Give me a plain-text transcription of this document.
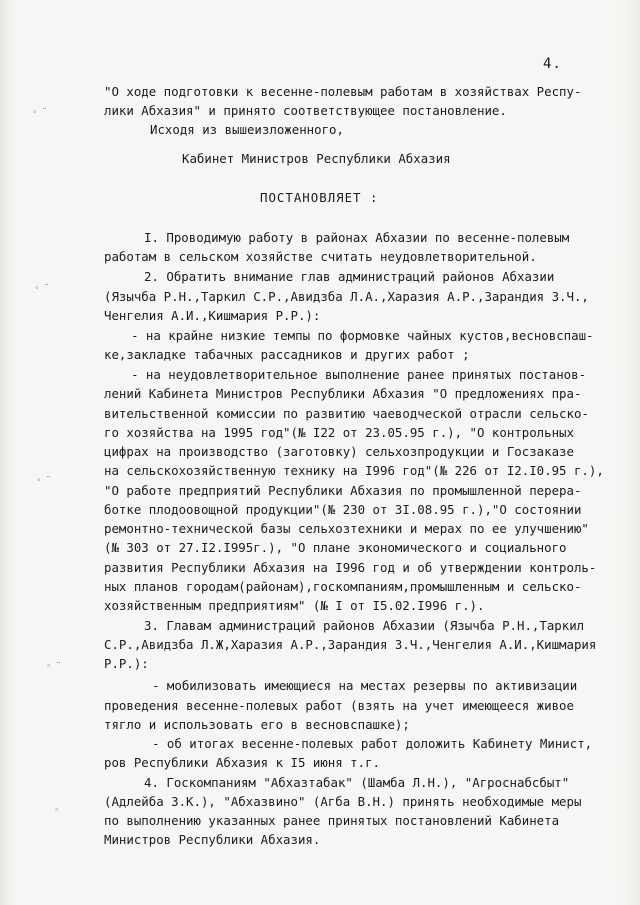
4.

"О ходе подготовки к весенне-полевым работам в хозяйствах Респу-

лики Абхазия" и принято соответствующее постановление.

Исходя из вышеизложенного,

Кабинет Министров Республики Абхазия

ПОСТАНОВЛЯЕТ :

I. Проводимую работу в районах Абхазии по весенне-полевым

работам в сельском хозяйстве считать неудовлетворительной.

2. Обратить внимание глав администраций районов Абхазии

(Язычба Р.Н.,Таркил С.Р.,Авидзба Л.А.,Харазия А.Р.,Зарандия З.Ч.,

Ченгелия А.И.,Кишмария Р.Р.):

- на крайне низкие темпы по формовке чайных кустов,весновспаш-

ке,закладке табачных рассадников и других работ ;

- на неудовлетворительное выполнение ранее принятых постанов-

лений Кабинета Министров Республики Абхазия "О предложениях пра-

вительственной комиссии по развитию чаеводческой отрасли сельско-

го хозяйства на 1995 год"(№ I22 от 23.05.95 г.), "О контрольных

цифрах на производство (заготовку) сельхозпродукции и Госзаказе

на сельскохозяйственную технику на I996 год"(№ 226 от I2.I0.95 г.),

"О работе предприятий Республики Абхазия по промышленной перера-

ботке плодоовощной продукции"(№ 230 от 3I.08.95 г.),"О состоянии

ремонтно-технической базы сельхозтехники и мерах по ее улучшению"

(№ 303 от 27.I2.I995г.), "О плане экономического и социального

развития Республики Абхазия на I996 год и об утверждении контроль-

ных планов городам(районам),госкомпаниям,промышленным и сельско-

хозяйственным предприятиям" (№ I от I5.02.I996 г.).

3. Главам администраций районов Абхазии (Язычба Р.Н.,Таркил

С.Р.,Авидзба Л.Ж,Харазия А.Р.,Зарандия З.Ч.,Ченгелия А.И.,Кишмария

Р.Р.):

- мобилизовать имеющиеся на местах резервы по активизации

проведения весенне-полевых работ (взять на учет имеющееся живое

тягло и использовать его в весновспашке);

- об итогах весенне-полевых работ доложить Кабинету Минист,

ров Республики Абхазия к I5 июня т.г.

4. Госкомпаниям "Абхазтабак" (Шамба Л.Н.), "Агроснабсбыт"

(Адлейба З.К.), "Абхазвино" (Агба В.Н.) принять необходимые меры

по выполнению указанных ранее принятых постановлений Кабинета

Министров Республики Абхазия.

◦ ̈
◦ ̈
◦ ̈
◦ ̈
◦
